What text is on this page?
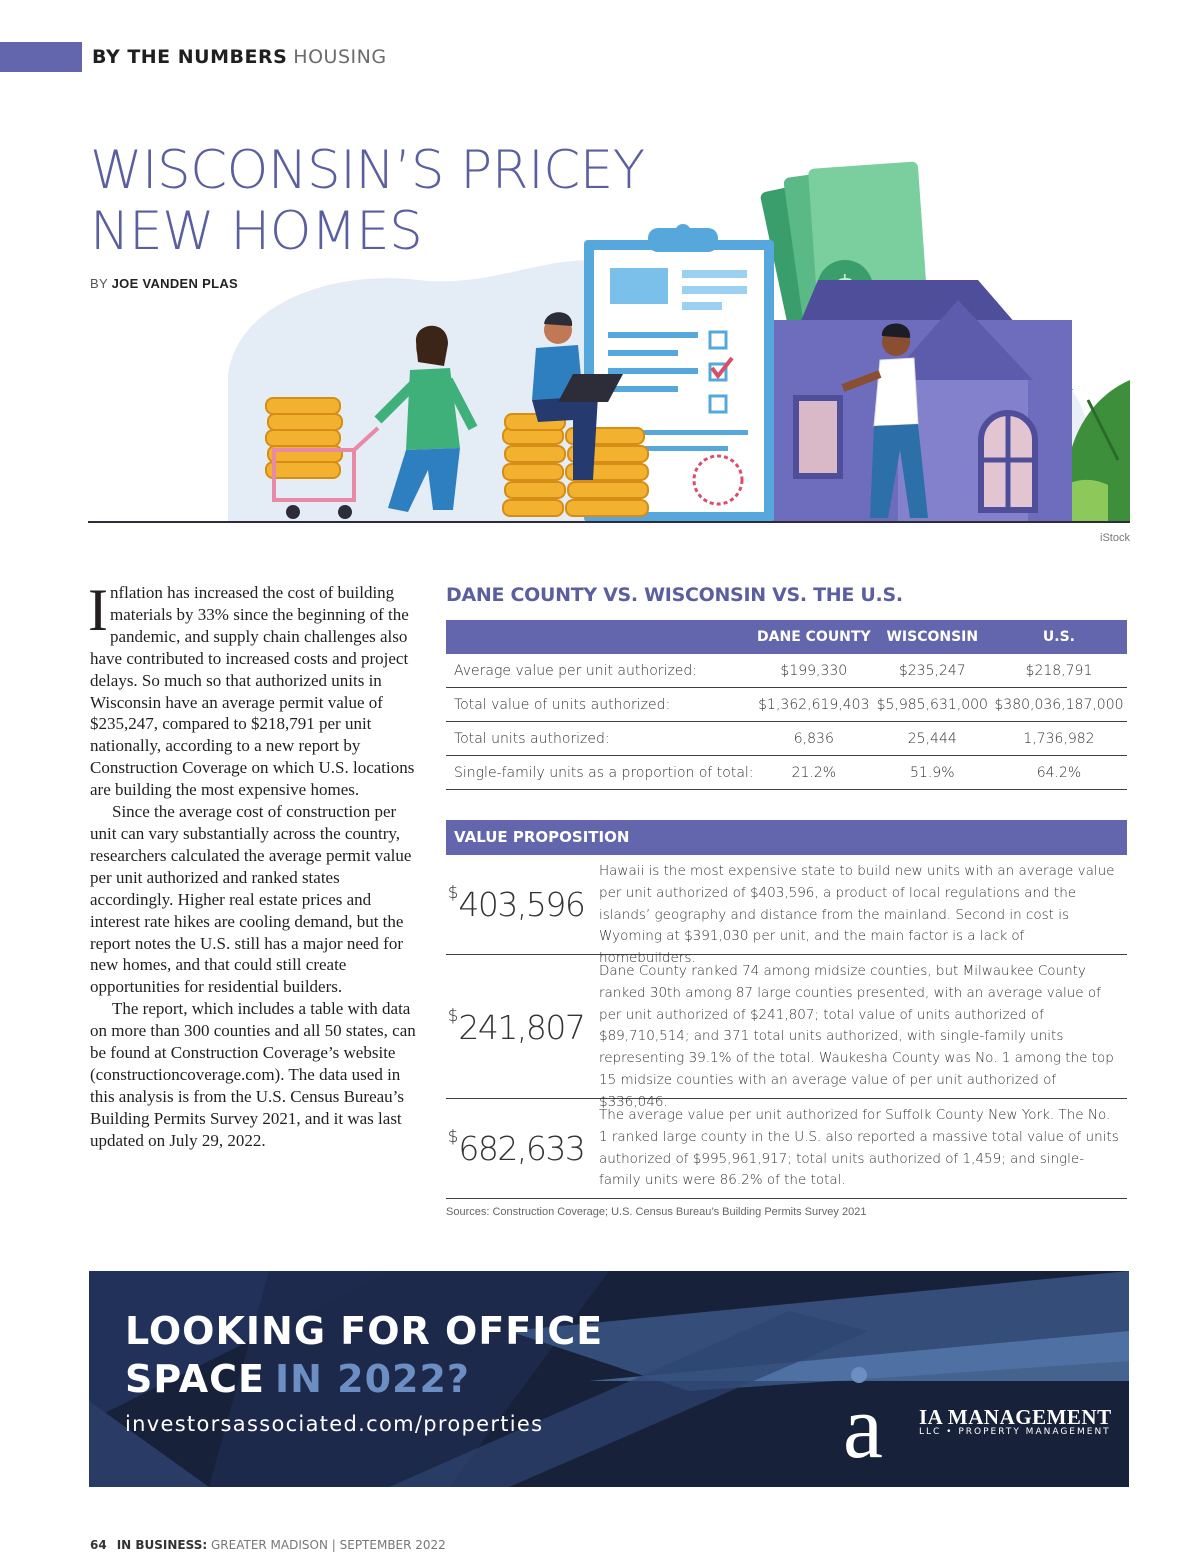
BY THE NUMBERS HOUSING
WISCONSIN’S PRICEY
NEW HOMES
BY JOE VANDEN PLAS
iStock

Inflation has increased the cost of building materials by 33% since the beginning of the pandemic, and supply chain challenges also have contributed to increased costs and project delays. So much so that authorized units in Wisconsin have an average permit value of $235,247, compared to $218,791 per unit nationally, according to a new report by Construction Coverage on which U.S. locations are building the most expensive homes.

Since the average cost of construction per unit can vary substantially across the country, researchers calculated the average permit value per unit authorized and ranked states accordingly. Higher real estate prices and interest rate hikes are cooling demand, but the report notes the U.S. still has a major need for new homes, and that could still create opportunities for residential builders.

The report, which includes a table with data on more than 300 counties and all 50 states, can be found at Construction Coverage’s website (constructioncoverage.com). The data used in this analysis is from the U.S. Census Bureau’s Building Permits Survey 2021, and it was last updated on July 29, 2022.

DANE COUNTY VS. WISCONSIN VS. THE U.S.
	DANE COUNTY	WISCONSIN	U.S.
Average value per unit authorized:	$199,330	$235,247	$218,791
Total value of units authorized:	$1,362,619,403	$5,985,631,000	$380,036,187,000
Total units authorized:	6,836	25,444	1,736,982
Single-family units as a proportion of total:	21.2%	51.9%	64.2%
VALUE PROPOSITION
$403,596
Hawaii is the most expensive state to build new units with an average value per unit authorized of $403,596, a product of local regulations and the islands’ geography and distance from the mainland. Second in cost is Wyoming at $391,030 per unit, and the main factor is a lack of homebuilders.
$241,807
Dane County ranked 74 among midsize counties, but Milwaukee County ranked 30th among 87 large counties presented, with an average value of per unit authorized of $241,807; total value of units authorized of $89,710,514; and 371 total units authorized, with single-family units representing 39.1% of the total. Waukesha County was No. 1 among the top 15 midsize counties with an average value of per unit authorized of $336,046.
$682,633
The average value per unit authorized for Suffolk County New York. The No. 1 ranked large county in the U.S. also reported a massive total value of units authorized of $995,961,917; total units authorized of 1,459; and single-family units were 86.2% of the total.
Sources: Construction Coverage; U.S. Census Bureau’s Building Permits Survey 2021
LOOKING FOR OFFICE
SPACE IN 2022?
investorsassociated.com/properties	a IA MANAGEMENT
LLC • PROPERTY MANAGEMENT
64 IN BUSINESS: GREATER MADISON | SEPTEMBER 2022
